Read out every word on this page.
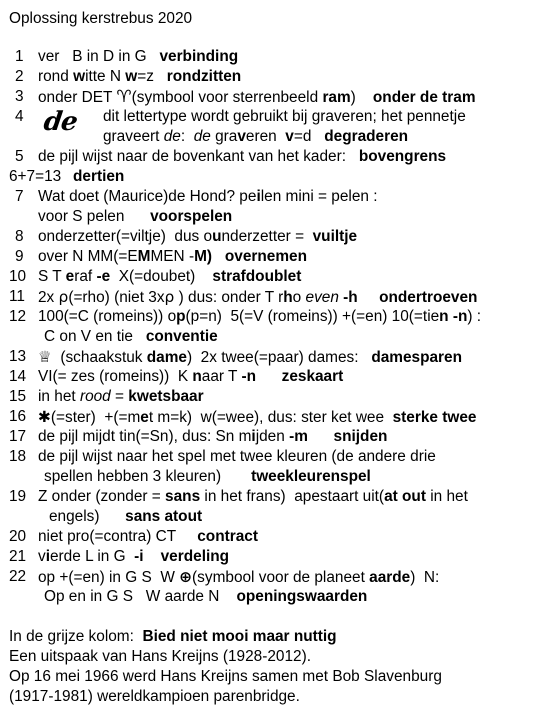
Oplossing kerstrebus 2020
1 ver   B in D in G   verbinding
2 rond witte N w=z   rondzitten
3 onder DET ♈(symbool voor sterrenbeeld ram)    onder de tram
4	dit lettertype wordt gebruikt bij graveren; het pennetje
graveert de:  de graveren  v=d   degraderen
5 de pijl wijst naar de bovenkant van het kader:   bovengrens
6+7=13 dertien
7 Wat doet (Maurice)de Hond? peilen mini = pelen :
voor S pelen      voorspelen
8 onderzetter(=viltje)  dus ounderzetter =  vuiltje
9 over N MM(=EMMEN -M) overnemen
10 S T eraf -e  X(=doubet)    strafdoublet
11 2x ρ(=rho) (niet 3xρ ) dus: onder T rho even -h ondertroeven
12 100(=C (romeins)) op(p=n)  5(=V (romeins)) +(=en) 10(=tien -n) :
C on V en tie   conventie
13 ♕  (schaakstuk dame)  2x twee(=paar) dames:   damesparen
14 VI(= zes (romeins))  K naar T -n zeskaart
15 in het rood = kwetsbaar
16 ✱(=ster)  +(=met m=k)  w(=wee), dus: ster ket wee  sterke twee
17 de pijl mijdt tin(=Sn), dus: Sn mijden -m snijden
18 de pijl wijst naar het spel met twee kleuren (de andere drie
spellen hebben 3 kleuren)       tweekleurenspel
19 Z onder (zonder = sans in het frans)  apestaart uit(at out in het
engels)      sans atout
20 niet pro(=contra) CT     contract
21 vierde L in G  -i verdeling
22 op +(=en) in G S  W ⊕(symbool voor de planeet aarde)  N:
Op en in G S   W aarde N    openingswaarden
de
In de grijze kolom:  Bied niet mooi maar nuttig
Een uitspaak van Hans Kreijns (1928-2012).
Op 16 mei 1966 werd Hans Kreijns samen met Bob Slavenburg
(1917-1981) wereldkampioen parenbridge.
